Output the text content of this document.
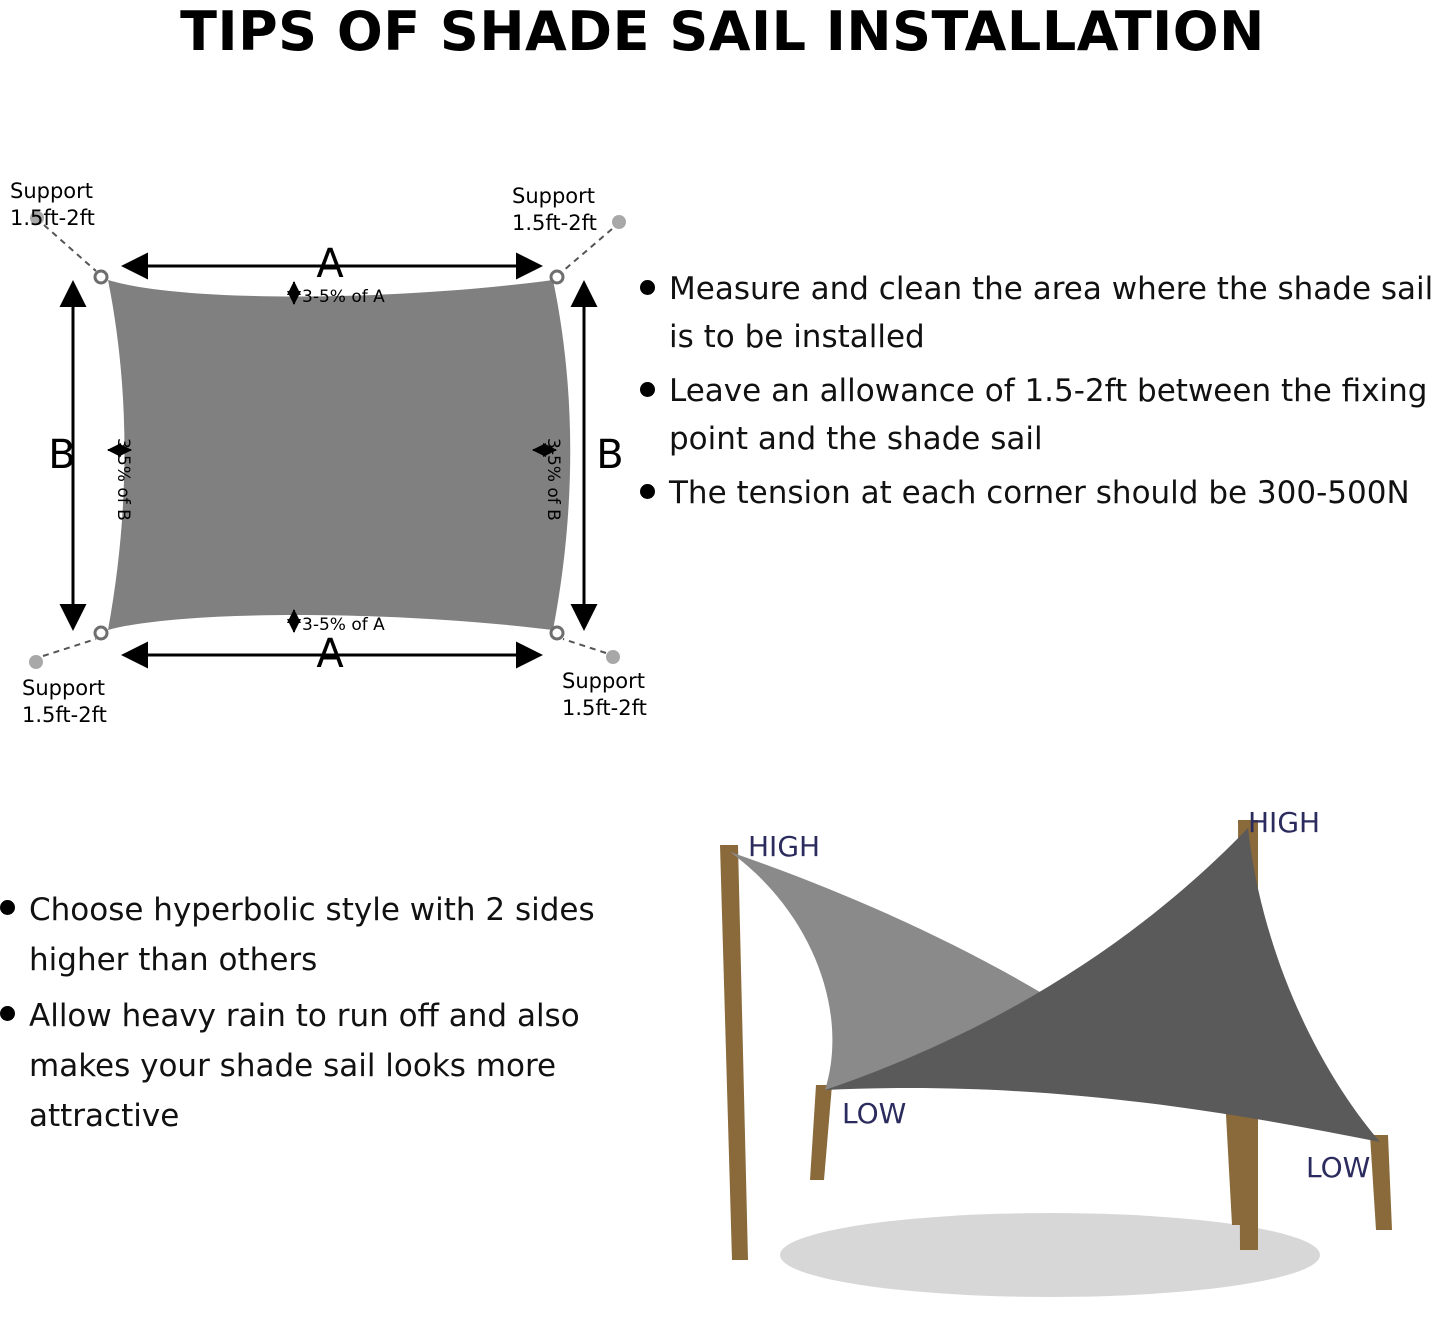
TIPS OF SHADE SAIL INSTALLATION
A
A
B	B
3-5% of A
3-5% of A
3-5% of B	3-5% of B
Support
1.5ft-2ft
Support
1.5ft-2ft
Support
1.5ft-2ft
Support
1.5ft-2ft
Measure and clean the area where the shade sail is to be installed
Leave an allowance of 1.5-2ft between the fixing point and the shade sail
The tension at each corner should be 300-500N
Choose hyperbolic style with 2 sides higher than others
Allow heavy rain to run off and also makes your shade sail looks more attractive
HIGH
HIGH
LOW
LOW
